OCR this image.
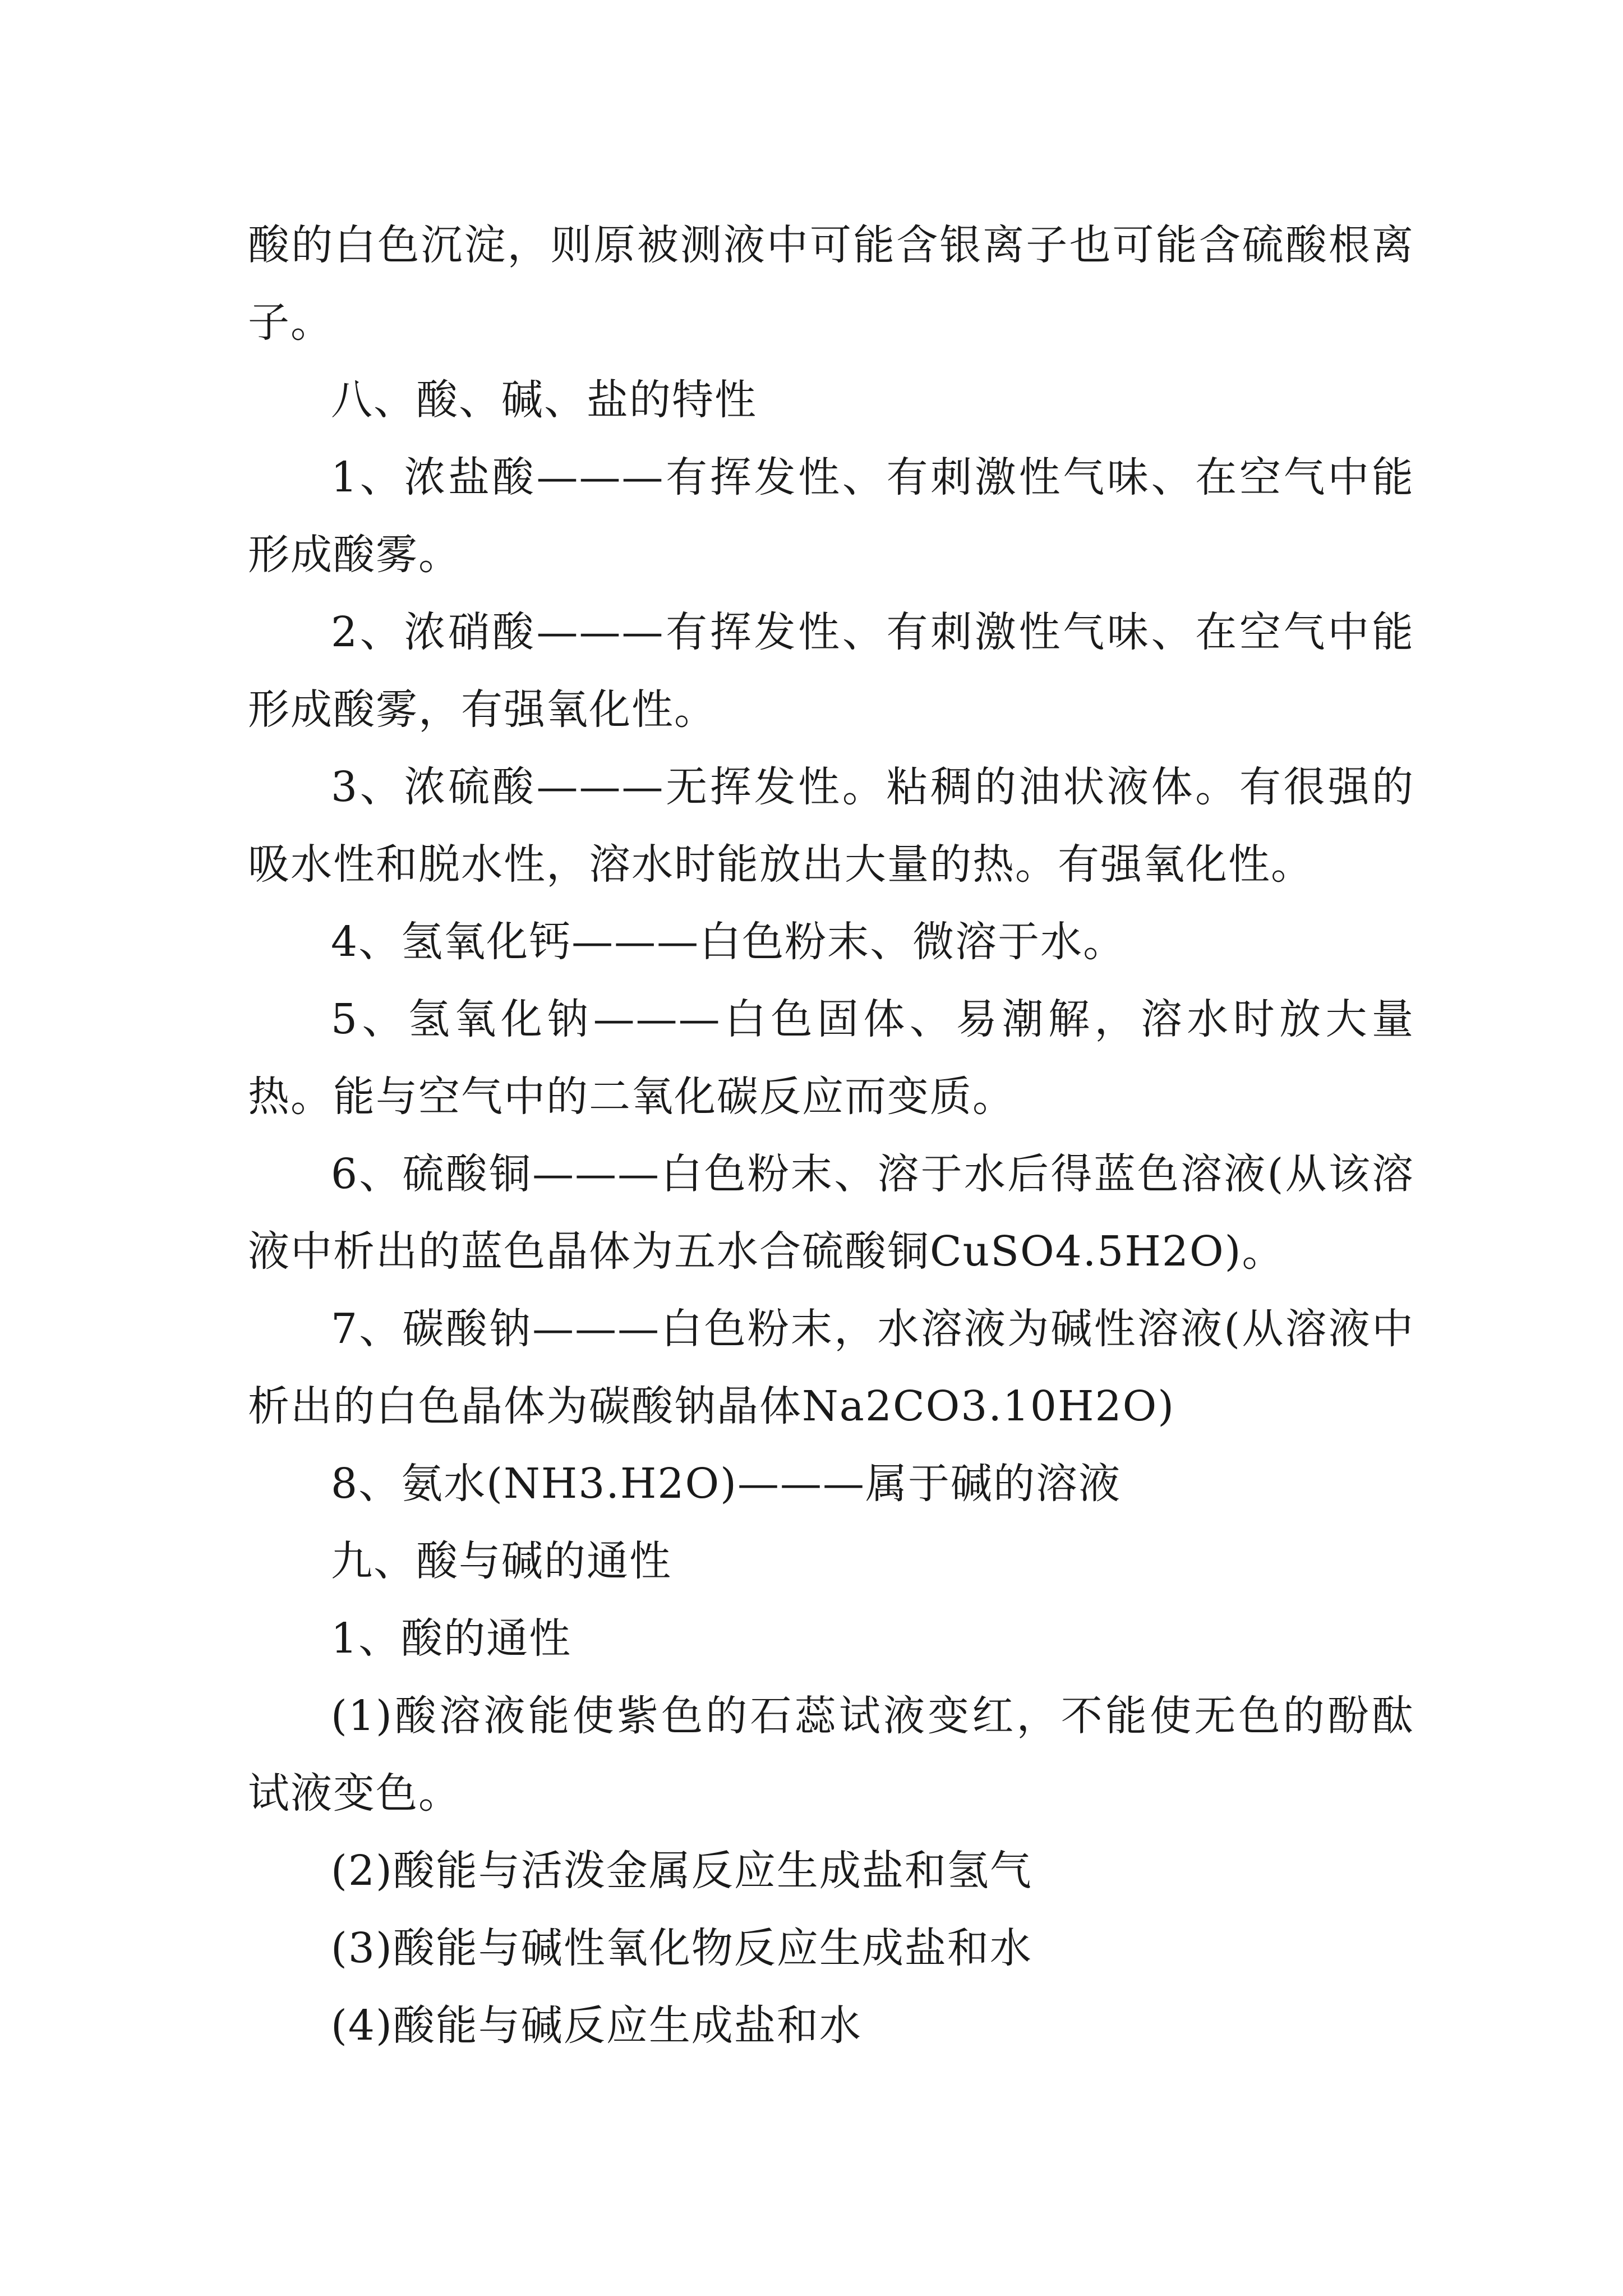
酸的白色沉淀，则原被测液中可能含银离子也可能含硫酸根离子。

八、酸、碱、盐的特性

1、浓盐酸———有挥发性、有刺激性气味、在空气中能形成酸雾。

2、浓硝酸———有挥发性、有刺激性气味、在空气中能形成酸雾，有强氧化性。

3、浓硫酸———无挥发性。粘稠的油状液体。有很强的吸水性和脱水性，溶水时能放出大量的热。有强氧化性。

4、氢氧化钙———白色粉末、微溶于水。

5、氢氧化钠———白色固体、易潮解，溶水时放大量热。能与空气中的二氧化碳反应而变质。

6、硫酸铜———白色粉末、溶于水后得蓝色溶液(从该溶液中析出的蓝色晶体为五水合硫酸铜CuSO4.5H2O)。

7、碳酸钠———白色粉末，水溶液为碱性溶液(从溶液中析出的白色晶体为碳酸钠晶体Na2CO3.10H2O)

8、氨水(NH3.H2O)———属于碱的溶液

九、酸与碱的通性

1、酸的通性

(1)酸溶液能使紫色的石蕊试液变红，不能使无色的酚酞试液变色。

(2)酸能与活泼金属反应生成盐和氢气

(3)酸能与碱性氧化物反应生成盐和水

(4)酸能与碱反应生成盐和水
